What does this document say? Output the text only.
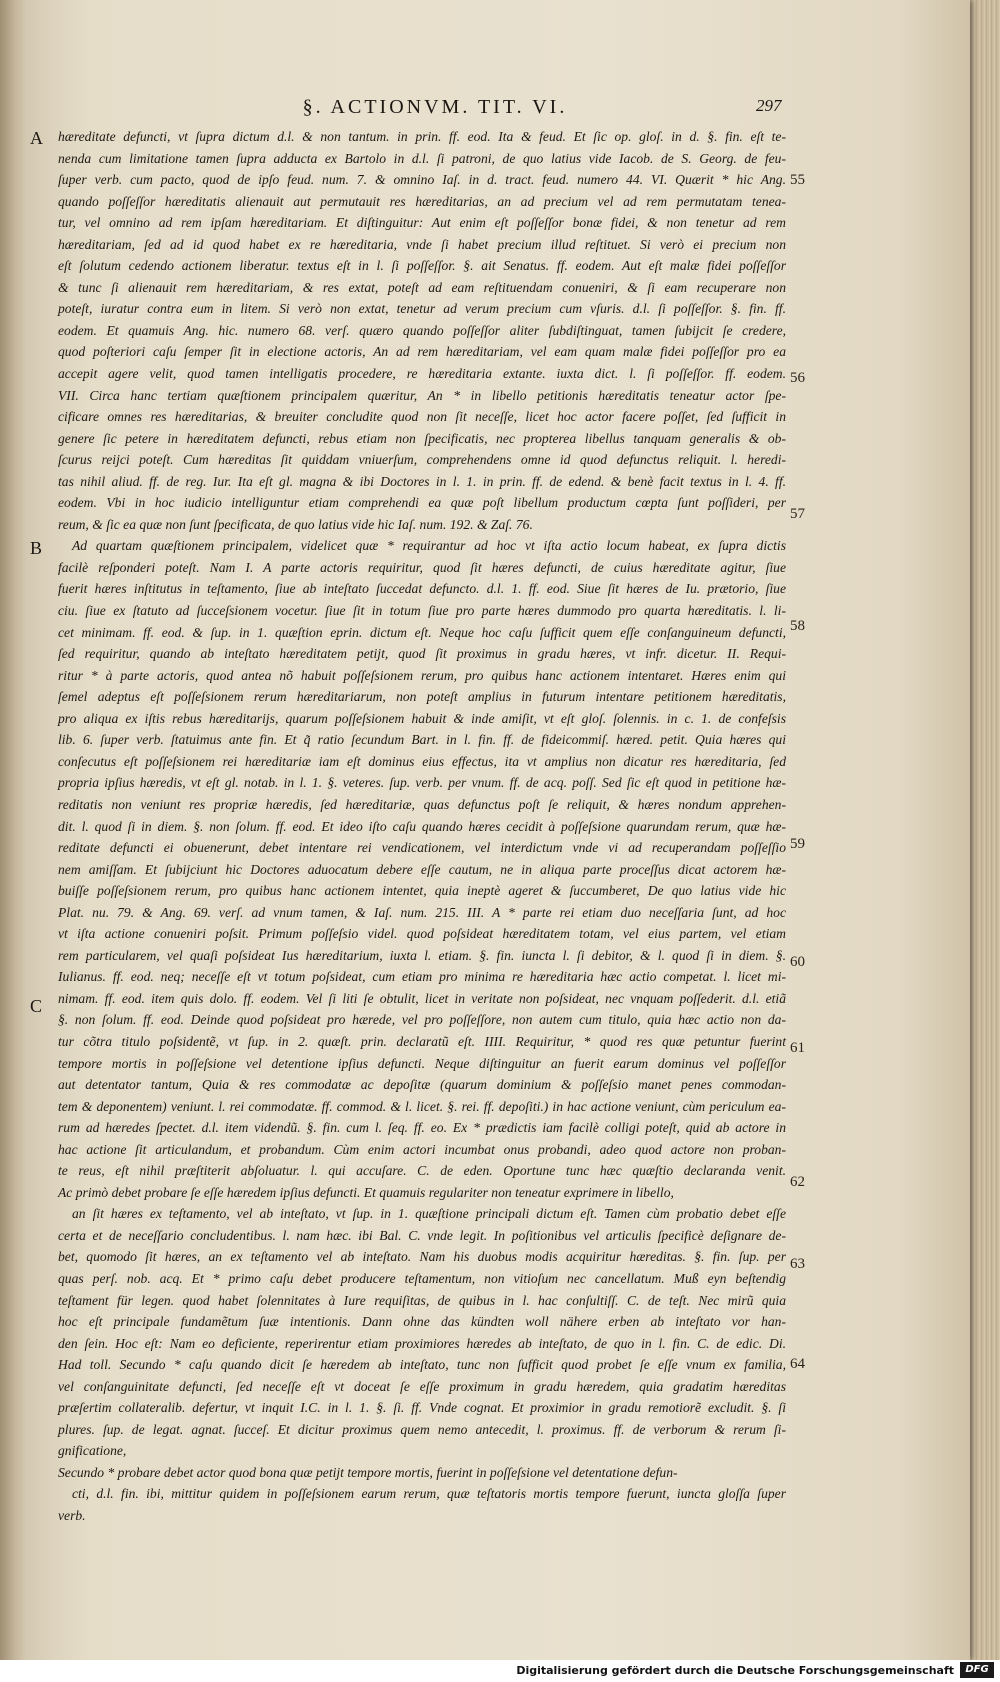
§. ACTIONVM. TIT. VI.	297
A
B
C
55
56
57
58
59
60
61
62
63
64
hæreditate defuncti, vt ſupra dictum d.l. & non tantum. in prin. ff. eod. Ita & feud. Et ſic op. gloſ. in d. §. fin. eſt te-
nenda cum limitatione tamen ſupra adducta ex Bartolo in d.l. ſi patroni, de quo latius vide Iacob. de S. Georg. de feu-
ſuper verb. cum pacto, quod de ipſo feud. num. 7. & omnino Iaſ. in d. tract. feud. numero 44. VI. Quærit * hic Ang.
quando poſſeſſor hæreditatis alienauit aut permutauit res hæreditarias, an ad precium vel ad rem permutatam tenea-
tur, vel omnino ad rem ipſam hæreditariam. Et diſtinguitur: Aut enim eſt poſſeſſor bonæ fidei, & non tenetur ad rem
hæreditariam, ſed ad id quod habet ex re hæreditaria, vnde ſi habet precium illud reſtituet. Si verò ei precium non
eſt ſolutum cedendo actionem liberatur. textus eſt in l. ſi poſſeſſor. §. ait Senatus. ff. eodem. Aut eſt malæ fidei poſſeſſor
& tunc ſi alienauit rem hæreditariam, & res extat, poteſt ad eam reſtituendam conueniri, & ſi eam recuperare non
poteſt, iuratur contra eum in litem. Si verò non extat, tenetur ad verum precium cum vſuris. d.l. ſi poſſeſſor. §. fin. ff.
eodem. Et quamuis Ang. hic. numero 68. verſ. quæro quando poſſeſſor aliter ſubdiſtinguat, tamen ſubijcit ſe credere,
quod poſteriori caſu ſemper ſit in electione actoris, An ad rem hæreditariam, vel eam quam malæ fidei poſſeſſor pro ea
accepit agere velit, quod tamen intelligatis procedere, re hæreditaria extante. iuxta dict. l. ſi poſſeſſor. ff. eodem.
VII. Circa hanc tertiam quæſtionem principalem quæritur, An * in libello petitionis hæreditatis teneatur actor ſpe-
cificare omnes res hæreditarias, & breuiter concludite quod non ſit neceſſe, licet hoc actor facere poſſet, ſed ſufficit in
genere ſic petere in hæreditatem defuncti, rebus etiam non ſpecificatis, nec propterea libellus tanquam generalis & ob-
ſcurus reijci poteſt. Cum hæreditas ſit quiddam vniuerſum, comprehendens omne id quod defunctus reliquit. l. heredi-
tas nihil aliud. ff. de reg. Iur. Ita eſt gl. magna & ibi Doctores in l. 1. in prin. ff. de edend. & benè facit textus in l. 4. ff.
eodem. Vbi in hoc iudicio intelliguntur etiam comprehendi ea quæ poſt libellum productum cœpta ſunt poſſideri, per
reum, & ſic ea quæ non ſunt ſpecificata, de quo latius vide hic Iaſ. num. 192. & Zaſ. 76.
Ad quartam quæſtionem principalem, videlicet quæ * requirantur ad hoc vt iſta actio locum habeat, ex ſupra dictis
facilè reſponderi poteſt. Nam I. A parte actoris requiritur, quod ſit hæres defuncti, de cuius hæreditate agitur, ſiue
fuerit hæres inſtitutus in teſtamento, ſiue ab inteſtato ſuccedat defuncto. d.l. 1. ff. eod. Siue ſit hæres de Iu. prætorio, ſiue
ciu. ſiue ex ſtatuto ad ſucceſsionem vocetur. ſiue ſit in totum ſiue pro parte hæres dummodo pro quarta hæreditatis. l. li-
cet minimam. ff. eod. & ſup. in 1. quæſtion eprin. dictum eſt. Neque hoc caſu ſufficit quem eſſe conſanguineum defuncti,
ſed requiritur, quando ab inteſtato hæreditatem petijt, quod ſit proximus in gradu hæres, vt infr. dicetur. II. Requi-
ritur * à parte actoris, quod antea nõ habuit poſſeſsionem rerum, pro quibus hanc actionem intentaret. Hæres enim qui
ſemel adeptus eſt poſſeſsionem rerum hæreditariarum, non poteſt amplius in futurum intentare petitionem hæreditatis,
pro aliqua ex iſtis rebus hæreditarijs, quarum poſſeſsionem habuit & inde amiſit, vt eſt gloſ. ſolennis. in c. 1. de confeſsis
lib. 6. ſuper verb. ſtatuimus ante fin. Et q̃ ratio ſecundum Bart. in l. fin. ff. de fideicommiſ. hæred. petit. Quia hæres qui
conſecutus eſt poſſeſsionem rei hæreditariæ iam eſt dominus eius effectus, ita vt amplius non dicatur res hæreditaria, ſed
propria ipſius hæredis, vt eſt gl. notab. in l. 1. §. veteres. ſup. verb. per vnum. ff. de acq. poſſ. Sed ſic eſt quod in petitione hæ-
reditatis non veniunt res propriæ hæredis, ſed hæreditariæ, quas defunctus poſt ſe reliquit, & hæres nondum apprehen-
dit. l. quod ſi in diem. §. non ſolum. ff. eod. Et ideo iſto caſu quando hæres cecidit à poſſeſsione quarundam rerum, quæ hæ-
reditate defuncti ei obuenerunt, debet intentare rei vendicationem, vel interdictum vnde vi ad recuperandam poſſeſſio
nem amiſſam. Et ſubijciunt hic Doctores aduocatum debere eſſe cautum, ne in aliqua parte proceſſus dicat actorem hæ-
buiſſe poſſeſsionem rerum, pro quibus hanc actionem intentet, quia ineptè ageret & ſuccumberet, De quo latius vide hic
Plat. nu. 79. & Ang. 69. verſ. ad vnum tamen, & Iaſ. num. 215. III. A * parte rei etiam duo neceſſaria ſunt, ad hoc
vt iſta actione conueniri poſsit. Primum poſſeſsio videl. quod poſsideat hæreditatem totam, vel eius partem, vel etiam
rem particularem, vel quaſi poſsideat Ius hæreditarium, iuxta l. etiam. §. fin. iuncta l. ſi debitor, & l. quod ſi in diem. §.
Iulianus. ff. eod. neq; neceſſe eſt vt totum poſsideat, cum etiam pro minima re hæreditaria hæc actio competat. l. licet mi-
nimam. ff. eod. item quis dolo. ff. eodem. Vel ſi liti ſe obtulit, licet in veritate non poſsideat, nec vnquam poſſederit. d.l. etiã
§. non ſolum. ff. eod. Deinde quod poſsideat pro hærede, vel pro poſſeſſore, non autem cum titulo, quia hæc actio non da-
tur cõtra titulo poſsidentẽ, vt ſup. in 2. quæſt. prin. declaratũ eſt. IIII. Requiritur, * quod res quæ petuntur fuerint
tempore mortis in poſſeſsione vel detentione ipſius defuncti. Neque diſtinguitur an fuerit earum dominus vel poſſeſſor
aut detentator tantum, Quia & res commodatæ ac depoſitæ (quarum dominium & poſſeſsio manet penes commodan-
tem & deponentem) veniunt. l. rei commodatæ. ff. commod. & l. licet. §. rei. ff. depoſiti.) in hac actione veniunt, cùm periculum ea-
rum ad hæredes ſpectet. d.l. item videndũ. §. fin. cum l. ſeq. ff. eo. Ex * prædictis iam facilè colligi poteſt, quid ab actore in
hac actione ſit articulandum, et probandum. Cùm enim actori incumbat onus probandi, adeo quod actore non proban-
te reus, eſt nihil præſtiterit abſoluatur. l. qui accuſare. C. de eden. Oportune tunc hæc quæſtio declaranda venit.
Ac primò debet probare ſe eſſe hæredem ipſius defuncti. Et quamuis regulariter non teneatur exprimere in libello,
an ſit hæres ex teſtamento, vel ab inteſtato, vt ſup. in 1. quæſtione principali dictum eſt. Tamen cùm probatio debet eſſe
certa et de neceſſario concludentibus. l. nam hæc. ibi Bal. C. vnde legit. In poſitionibus vel articulis ſpecificè deſignare de-
bet, quomodo ſit hæres, an ex teſtamento vel ab inteſtato. Nam his duobus modis acquiritur hæreditas. §. fin. ſup. per
quas perſ. nob. acq. Et * primo caſu debet producere teſtamentum, non vitioſum nec cancellatum. Muß eyn beſtendig
teſtament für legen. quod habet ſolennitates à Iure requiſitas, de quibus in l. hac conſultiſſ. C. de teſt. Nec mirũ quia
hoc eſt principale fundamẽtum ſuæ intentionis. Dann ohne das kündten woll nähere erben ab inteſtato vor han-
den ſein. Hoc eſt: Nam eo deficiente, reperirentur etiam proximiores hæredes ab inteſtato, de quo in l. fin. C. de edic. Di.
Had toll. Secundo * caſu quando dicit ſe hæredem ab inteſtato, tunc non ſufficit quod probet ſe eſſe vnum ex familia,
vel conſanguinitate defuncti, ſed neceſſe eſt vt doceat ſe eſſe proximum in gradu hæredem, quia gradatim hæreditas
præſertim collateralib. defertur, vt inquit I.C. in l. 1. §. ſi. ff. Vnde cognat. Et proximior in gradu remotiorẽ excludit. §. ſi
plures. ſup. de legat. agnat. ſucceſ. Et dicitur proximus quem nemo antecedit, l. proximus. ff. de verborum & rerum ſi-
gnificatione,
Secundo * probare debet actor quod bona quæ petijt tempore mortis, fuerint in poſſeſsione vel detentatione defun-
cti, d.l. fin. ibi, mittitur quidem in poſſeſsionem earum rerum, quæ teſtatoris mortis tempore fuerunt, iuncta gloſſa ſuper
verb.
Digitalisierung gefördert durch die Deutsche Forschungsgemeinschaft	DFG
